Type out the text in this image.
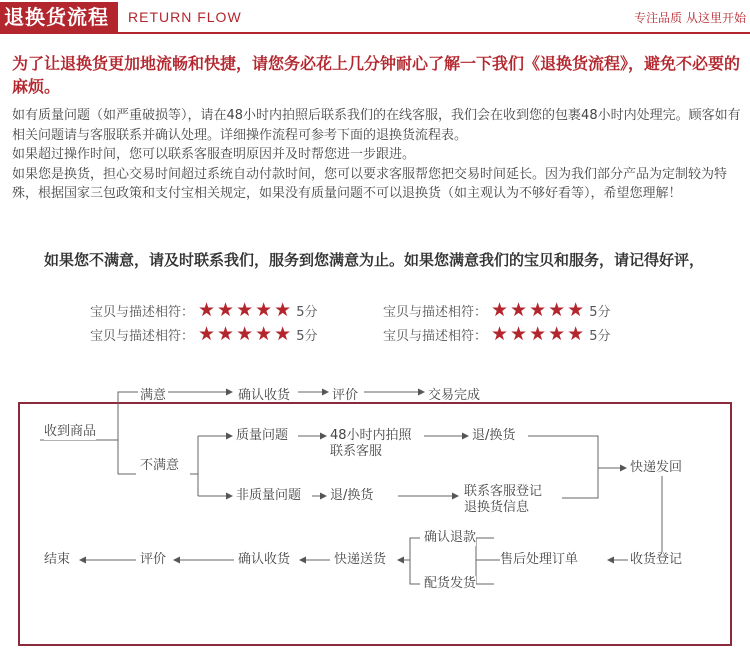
退换货流程	RETURN FLOW	专注品质 从这里开始
为了让退换货更加地流畅和快捷，请您务必花上几分钟耐心了解一下我们《退换货流程》，避免不必要的麻烦。
如有质量问题（如严重破损等），请在48小时内拍照后联系我们的在线客服，我们会在收到您的包裹48小时内处理完。顾客如有相关问题请与客服联系并确认处理。详细操作流程可参考下面的退换货流程表。
如果超过操作时间，您可以联系客服查明原因并及时帮您进一步跟进。
如果您是换货，担心交易时间超过系统自动付款时间，您可以要求客服帮您把交易时间延长。因为我们部分产品为定制较为特殊，根据国家三包政策和支付宝相关规定，如果没有质量问题不可以退换货（如主观认为不够好看等），希望您理解！
如果您不满意，请及时联系我们，服务到您满意为止。如果您满意我们的宝贝和服务，请记得好评，
宝贝与描述相符： ★★★★★ 5分	宝贝与描述相符： ★★★★★ 5分
宝贝与描述相符： ★★★★★ 5分	宝贝与描述相符： ★★★★★ 5分
满意	确认收货	评价	交易完成
收到商品
不满意
质量问题	48小时内拍照
联系客服
退/换货
非质量问题 退/换货	联系客服登记
退换货信息
快递发回
确认退款
售后处理订单	收货登记
配货发货
快递送货
确认收货
评价
结束
